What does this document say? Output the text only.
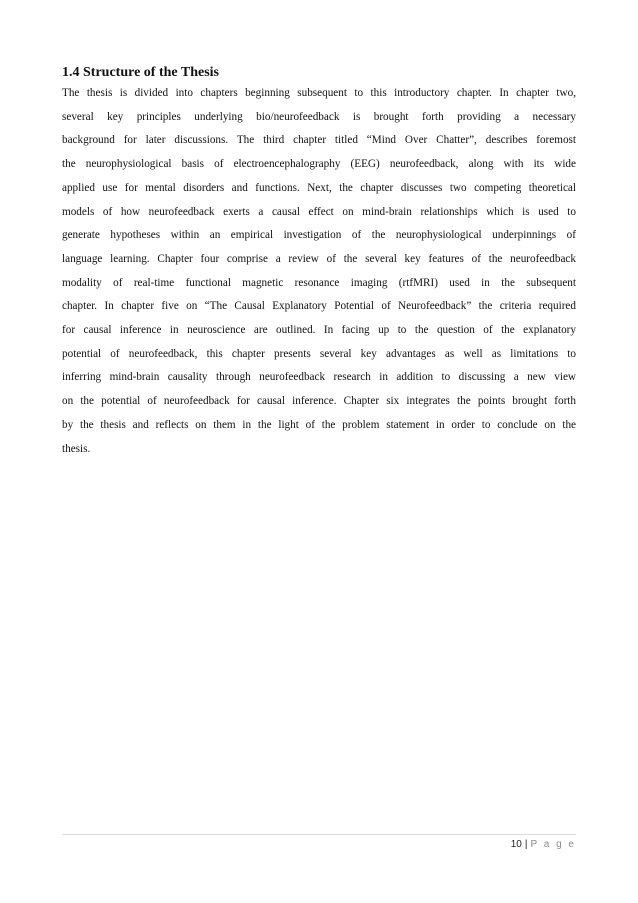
1.4 Structure of the Thesis
The thesis is divided into chapters beginning subsequent to this introductory chapter. In chapter two,
several key principles underlying bio/neurofeedback is brought forth providing a necessary
background for later discussions. The third chapter titled “Mind Over Chatter”, describes foremost
the neurophysiological basis of electroencephalography (EEG) neurofeedback, along with its wide
applied use for mental disorders and functions. Next, the chapter discusses two competing theoretical
models of how neurofeedback exerts a causal effect on mind-brain relationships which is used to
generate hypotheses within an empirical investigation of the neurophysiological underpinnings of
language learning. Chapter four comprise a review of the several key features of the neurofeedback
modality of real-time functional magnetic resonance imaging (rtfMRI) used in the subsequent
chapter. In chapter five on “The Causal Explanatory Potential of Neurofeedback” the criteria required
for causal inference in neuroscience are outlined. In facing up to the question of the explanatory
potential of neurofeedback, this chapter presents several key advantages as well as limitations to
inferring mind-brain causality through neurofeedback research in addition to discussing a new view
on the potential of neurofeedback for causal inference. Chapter six integrates the points brought forth
by the thesis and reflects on them in the light of the problem statement in order to conclude on the
thesis.
10 | P a g e
